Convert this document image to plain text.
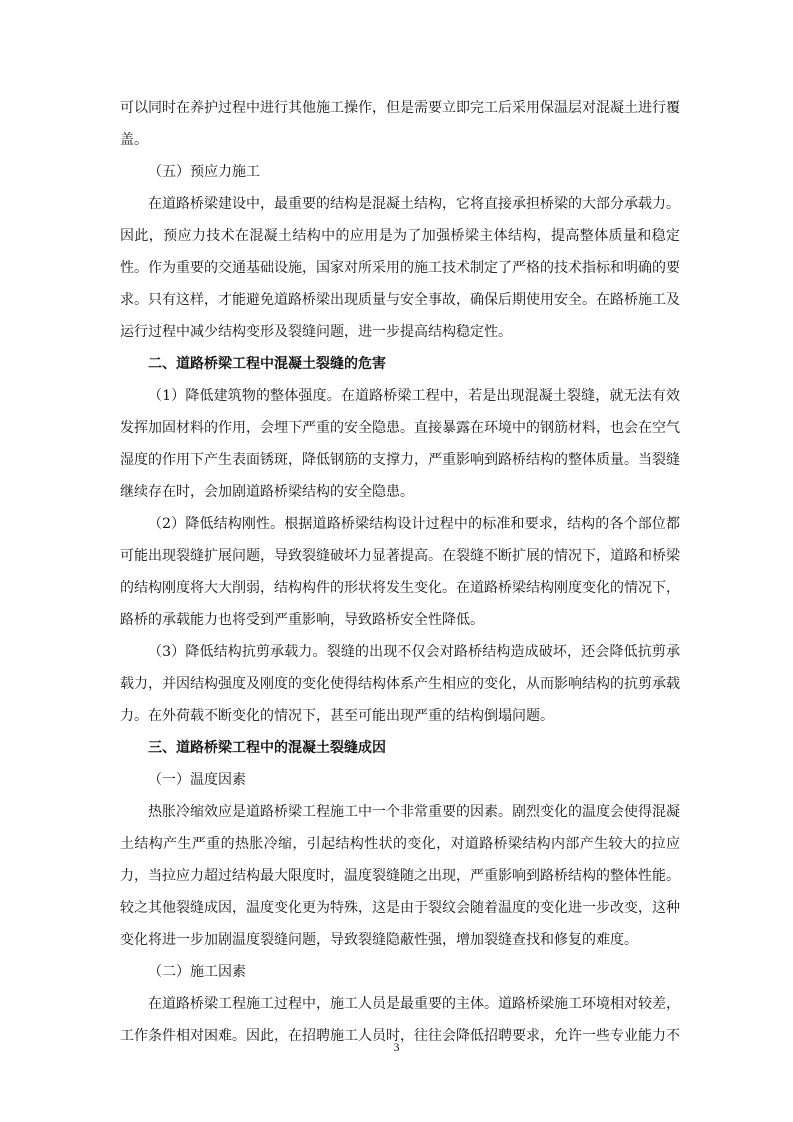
可以同时在养护过程中进行其他施工操作，但是需要立即完工后采用保温层对混凝土进行覆盖。

（五）预应力施工

在道路桥梁建设中，最重要的结构是混凝土结构，它将直接承担桥梁的大部分承载力。因此，预应力技术在混凝土结构中的应用是为了加强桥梁主体结构，提高整体质量和稳定性。作为重要的交通基础设施，国家对所采用的施工技术制定了严格的技术指标和明确的要求。只有这样，才能避免道路桥梁出现质量与安全事故，确保后期使用安全。在路桥施工及运行过程中减少结构变形及裂缝问题，进一步提高结构稳定性。

二、道路桥梁工程中混凝土裂缝的危害

（1）降低建筑物的整体强度。在道路桥梁工程中，若是出现混凝土裂缝，就无法有效发挥加固材料的作用，会埋下严重的安全隐患。直接暴露在环境中的钢筋材料，也会在空气湿度的作用下产生表面锈斑，降低钢筋的支撑力，严重影响到路桥结构的整体质量。当裂缝继续存在时，会加剧道路桥梁结构的安全隐患。

（2）降低结构刚性。根据道路桥梁结构设计过程中的标准和要求，结构的各个部位都可能出现裂缝扩展问题，导致裂缝破坏力显著提高。在裂缝不断扩展的情况下，道路和桥梁的结构刚度将大大削弱，结构构件的形状将发生变化。在道路桥梁结构刚度变化的情况下，路桥的承载能力也将受到严重影响，导致路桥安全性降低。

（3）降低结构抗剪承载力。裂缝的出现不仅会对路桥结构造成破坏，还会降低抗剪承载力，并因结构强度及刚度的变化使得结构体系产生相应的变化，从而影响结构的抗剪承载力。在外荷载不断变化的情况下，甚至可能出现严重的结构倒塌问题。

三、道路桥梁工程中的混凝土裂缝成因

（一）温度因素

热胀冷缩效应是道路桥梁工程施工中一个非常重要的因素。剧烈变化的温度会使得混凝土结构产生严重的热胀冷缩，引起结构性状的变化，对道路桥梁结构内部产生较大的拉应力，当拉应力超过结构最大限度时，温度裂缝随之出现，严重影响到路桥结构的整体性能。较之其他裂缝成因，温度变化更为特殊，这是由于裂纹会随着温度的变化进一步改变，这种变化将进一步加剧温度裂缝问题，导致裂缝隐蔽性强，增加裂缝查找和修复的难度。

（二）施工因素

在道路桥梁工程施工过程中，施工人员是最重要的主体。道路桥梁施工环境相对较差，工作条件相对困难。因此，在招聘施工人员时，往往会降低招聘要求，允许一些专业能力不

3
